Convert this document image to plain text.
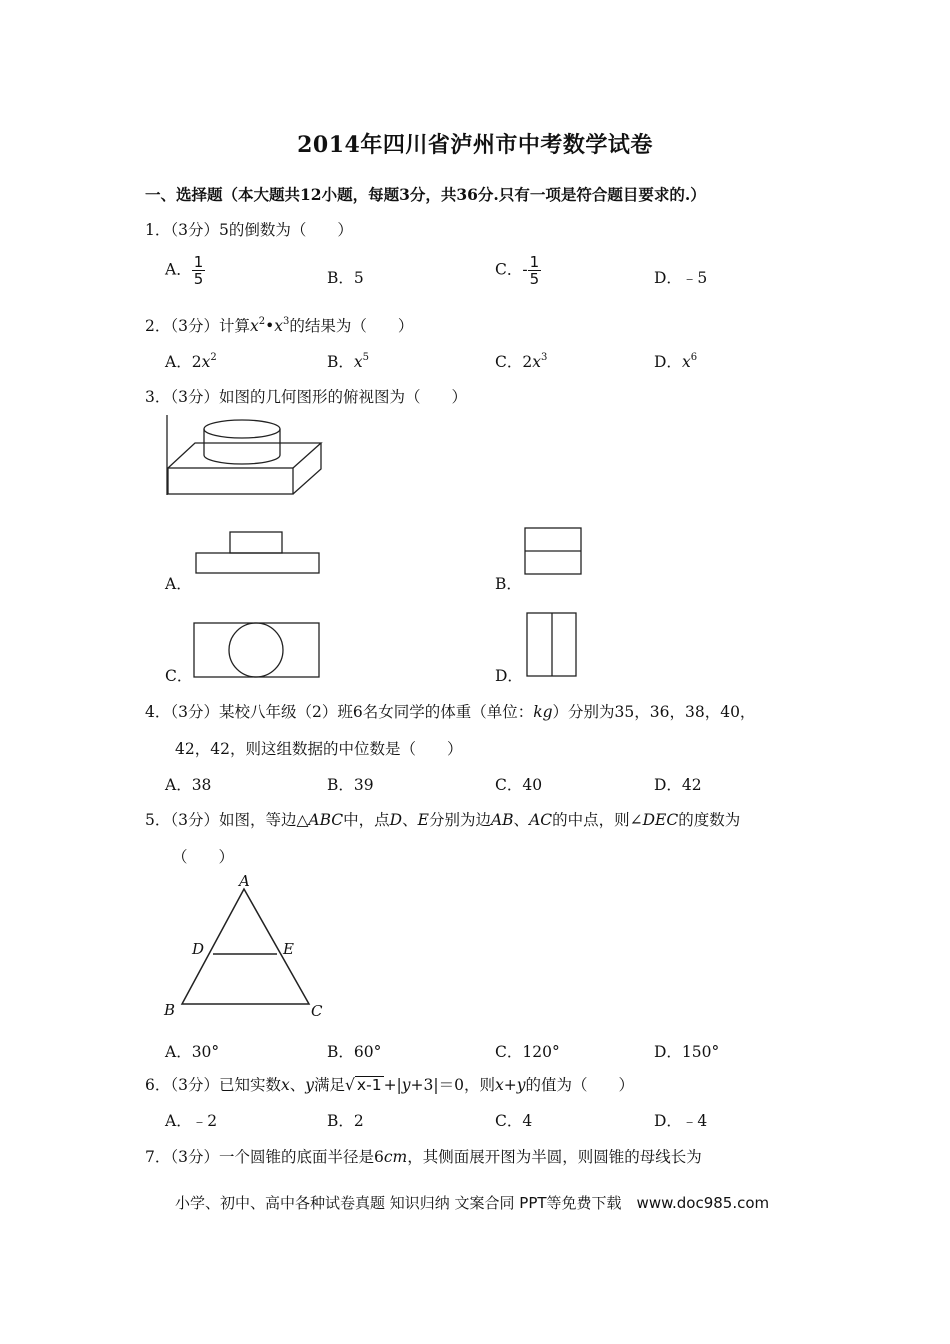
2014年四川省泸州市中考数学试卷
一、选择题（本大题共12小题，每题3分，共36分.只有一项是符合题目要求的.）
1．（3分）5的倒数为（　　）
A． $\frac{1}{5}$	B．5	C．- $\frac{1}{5}$	D．﹣5
2．（3分）计算$x^2•x^3$的结果为（　　）
A．$2x^2$	B．$x^5$	C．$2x^3$	D．$x^6$
3．（3分）如图的几何图形的俯视图为（　　）
A．	B．
C．	D．
4．（3分）某校八年级（2）班6名女同学的体重（单位：kg）分别为35，36，38，40，
42，42，则这组数据的中位数是（　　）
A．38	B．39	C．40	D．42
5．（3分）如图，等边△ABC中，点D、E分别为边AB、AC的中点，则∠DEC的度数为
（　　）
A
D	E
B	C
A．30°	B．60°	C．120°	D．150°
6．（3分）已知实数x、y满足√ x-1 +|y+3|＝0，则x+y的值为（　　）
A．﹣2	B．2	C．4	D．﹣4
7．（3分）一个圆锥的底面半径是6cm，其侧面展开图为半圆，则圆锥的母线长为
小学、初中、高中各种试卷真题 知识归纳 文案合同 PPT等免费下载　www.doc985.com
